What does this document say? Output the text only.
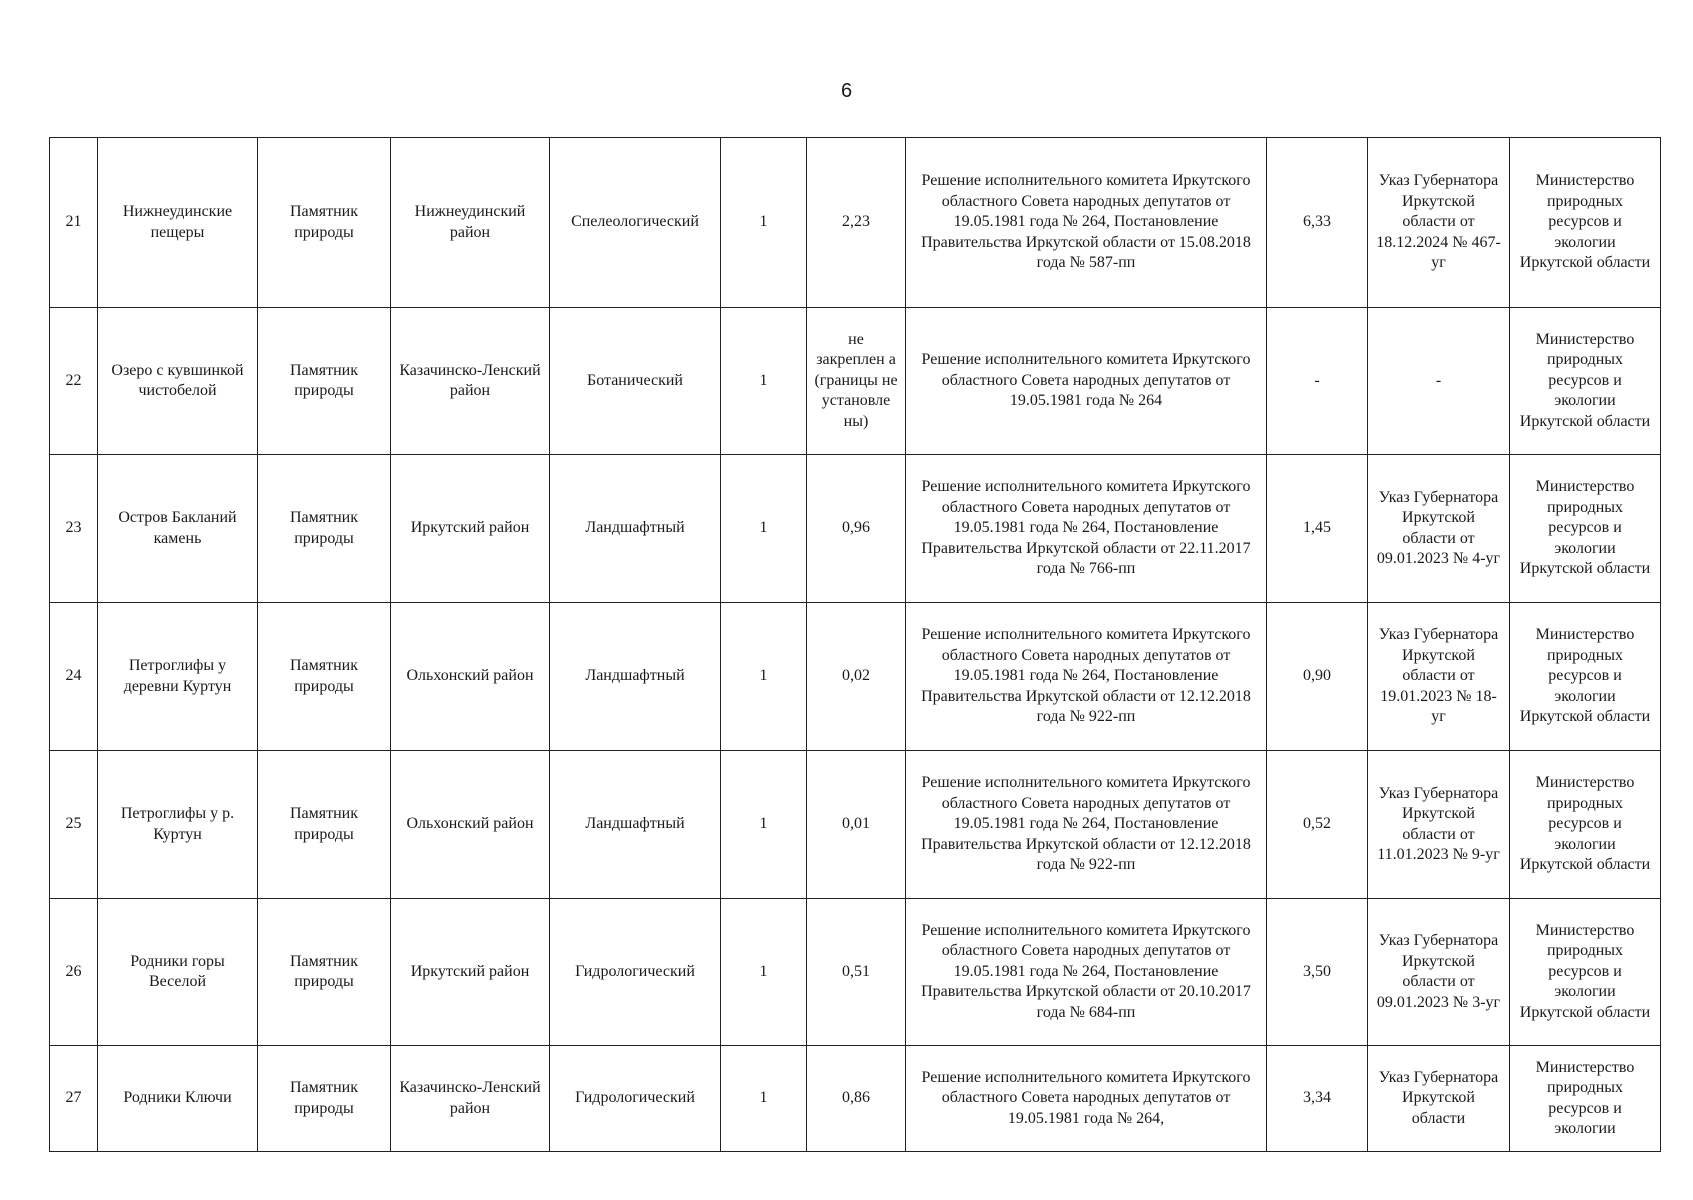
6
21	Нижнеудинские пещеры	Памятник природы	Нижнеудинский район	Спелеологический	1	2,23	Решение исполнительного комитета Иркутского областного Совета народных депутатов от 19.05.1981 года № 264, Постановление Правительства Иркутской области от 15.08.2018 года № 587-пп	6,33	Указ Губернатора Иркутской области от 18.12.2024 № 467-уг	Министерство природных ресурсов и экологии Иркутской области
22	Озеро с кувшинкой чистобелой	Памятник природы	Казачинско-Ленский район	Ботанический	1	не закреплен а (границы не установле ны)	Решение исполнительного комитета Иркутского областного Совета народных депутатов от 19.05.1981 года № 264	-	-	Министерство природных ресурсов и экологии Иркутской области
23	Остров Бакланий камень	Памятник природы	Иркутский район	Ландшафтный	1	0,96	Решение исполнительного комитета Иркутского областного Совета народных депутатов от 19.05.1981 года № 264, Постановление Правительства Иркутской области от 22.11.2017 года № 766-пп	1,45	Указ Губернатора Иркутской области от 09.01.2023 № 4-уг	Министерство природных ресурсов и экологии Иркутской области
24	Петроглифы у деревни Куртун	Памятник природы	Ольхонский район	Ландшафтный	1	0,02	Решение исполнительного комитета Иркутского областного Совета народных депутатов от 19.05.1981 года № 264, Постановление Правительства Иркутской области от 12.12.2018 года № 922-пп	0,90	Указ Губернатора Иркутской области от 19.01.2023 № 18-уг	Министерство природных ресурсов и экологии Иркутской области
25	Петроглифы у р. Куртун	Памятник природы	Ольхонский район	Ландшафтный	1	0,01	Решение исполнительного комитета Иркутского областного Совета народных депутатов от 19.05.1981 года № 264, Постановление Правительства Иркутской области от 12.12.2018 года № 922-пп	0,52	Указ Губернатора Иркутской области от 11.01.2023 № 9-уг	Министерство природных ресурсов и экологии Иркутской области
26	Родники горы Веселой	Памятник природы	Иркутский район	Гидрологический	1	0,51	Решение исполнительного комитета Иркутского областного Совета народных депутатов от 19.05.1981 года № 264, Постановление Правительства Иркутской области от 20.10.2017 года № 684-пп	3,50	Указ Губернатора Иркутской области от 09.01.2023 № 3-уг	Министерство природных ресурсов и экологии Иркутской области
27	Родники Ключи	Памятник природы	Казачинско-Ленский район	Гидрологический	1	0,86	Решение исполнительного комитета Иркутского областного Совета народных депутатов от 19.05.1981 года № 264,	3,34	Указ Губернатора Иркутской области	Министерство природных ресурсов и экологии
